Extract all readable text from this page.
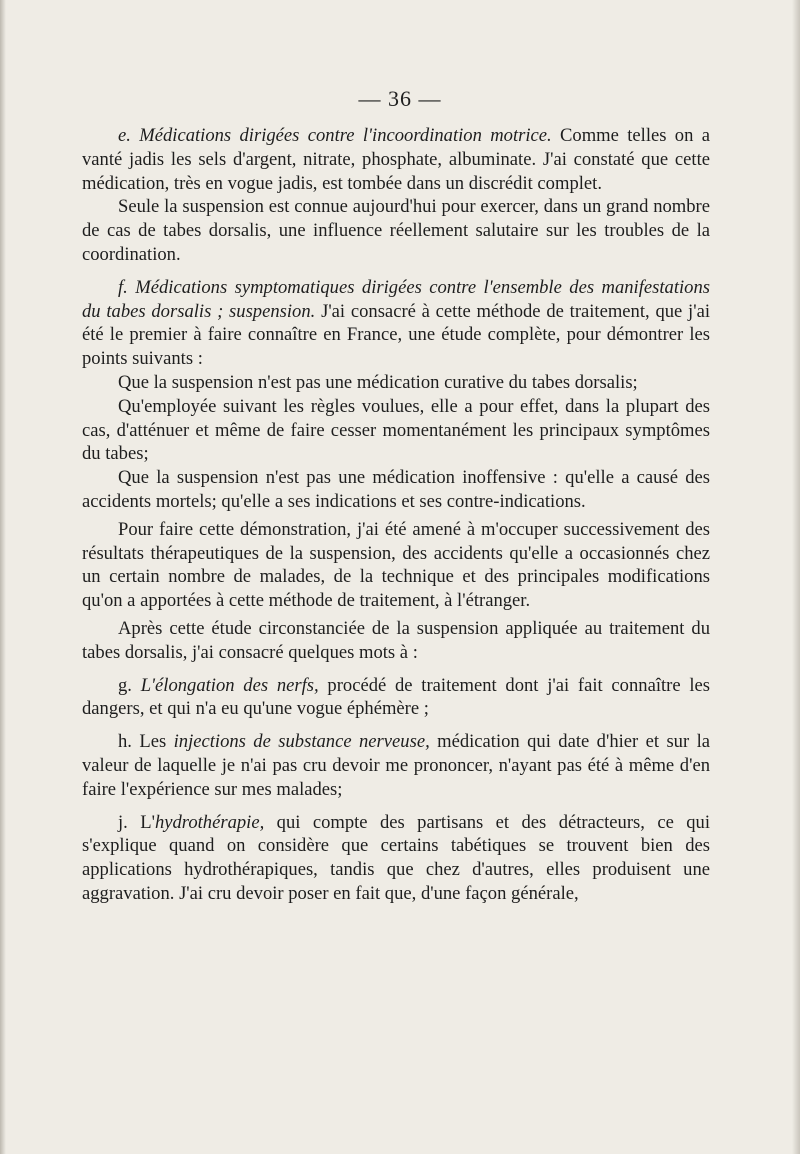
— 36 —

e. Médications dirigées contre l'incoordination motrice. Comme telles on a vanté jadis les sels d'argent, nitrate, phosphate, albuminate. J'ai constaté que cette médication, très en vogue jadis, est tombée dans un discrédit complet.

Seule la suspension est connue aujourd'hui pour exercer, dans un grand nombre de cas de tabes dorsalis, une influence réellement salutaire sur les troubles de la coordination.

f. Médications symptomatiques dirigées contre l'ensemble des manifestations du tabes dorsalis ; suspension. J'ai consacré à cette méthode de traitement, que j'ai été le premier à faire connaître en France, une étude complète, pour démontrer les points suivants :

Que la suspension n'est pas une médication curative du tabes dorsalis;

Qu'employée suivant les règles voulues, elle a pour effet, dans la plupart des cas, d'atténuer et même de faire cesser momentanément les principaux symptômes du tabes;

Que la suspension n'est pas une médication inoffensive : qu'elle a causé des accidents mortels; qu'elle a ses indications et ses contre-indications.

Pour faire cette démonstration, j'ai été amené à m'occuper successivement des résultats thérapeutiques de la suspension, des accidents qu'elle a occasionnés chez un certain nombre de malades, de la technique et des principales modifications qu'on a apportées à cette méthode de traitement, à l'étranger.

Après cette étude circonstanciée de la suspension appliquée au traitement du tabes dorsalis, j'ai consacré quelques mots à :

g. L'élongation des nerfs, procédé de traitement dont j'ai fait connaître les dangers, et qui n'a eu qu'une vogue éphémère ;

h. Les injections de substance nerveuse, médication qui date d'hier et sur la valeur de laquelle je n'ai pas cru devoir me prononcer, n'ayant pas été à même d'en faire l'expérience sur mes malades;

j. L'hydrothérapie, qui compte des partisans et des détracteurs, ce qui s'explique quand on considère que certains tabétiques se trouvent bien des applications hydrothérapiques, tandis que chez d'autres, elles produisent une aggravation. J'ai cru devoir poser en fait que, d'une façon générale,
